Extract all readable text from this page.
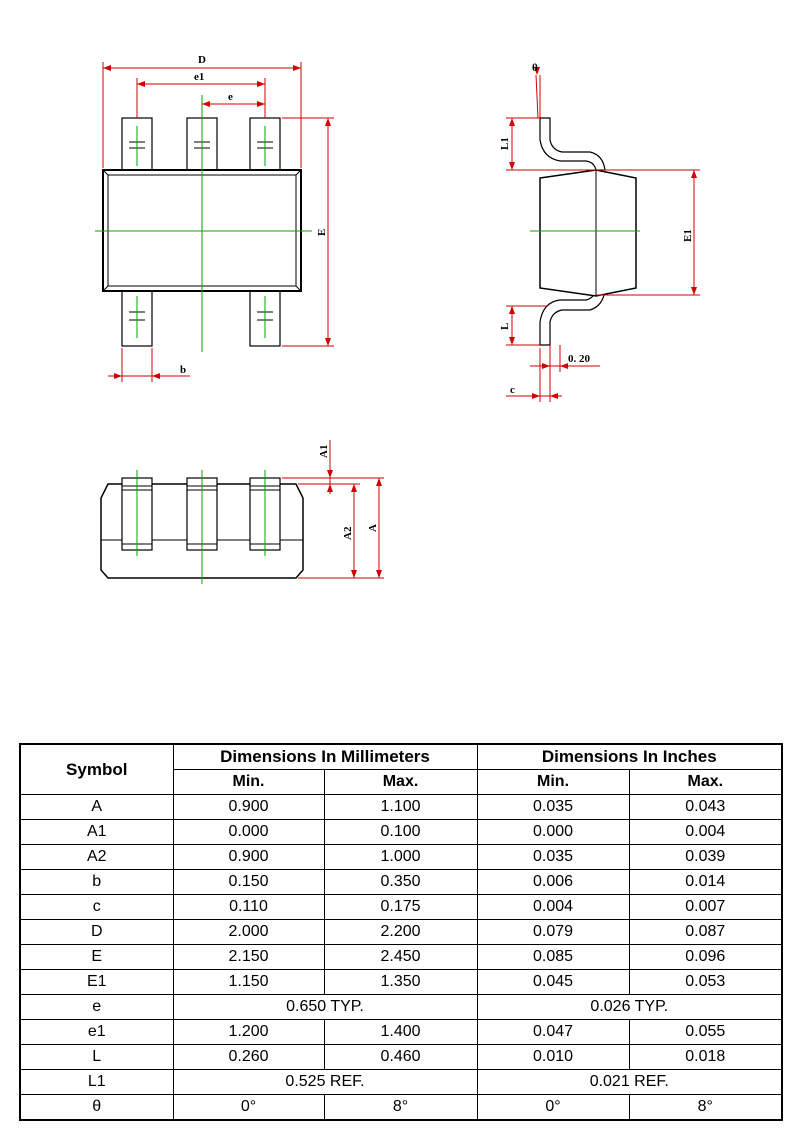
D
e1
e
E
b
θ
L1
E1
L
0. 20
c
A1
A2 A
Symbol	Dimensions In Millimeters		Dimensions In Inches	
	Min.	Max.	Min.	Max.
A	0.900	1.100	0.035	0.043
A1	0.000	0.100	0.000	0.004
A2	0.900	1.000	0.035	0.039
b	0.150	0.350	0.006	0.014
c	0.110	0.175	0.004	0.007
D	2.000	2.200	0.079	0.087
E	2.150	2.450	0.085	0.096
E1	1.150	1.350	0.045	0.053
e	0.650 TYP.		0.026 TYP.	
e1	1.200	1.400	0.047	0.055
L	0.260	0.460	0.010	0.018
L1	0.525 REF.		0.021 REF.	
θ	0°	8°	0°	8°
